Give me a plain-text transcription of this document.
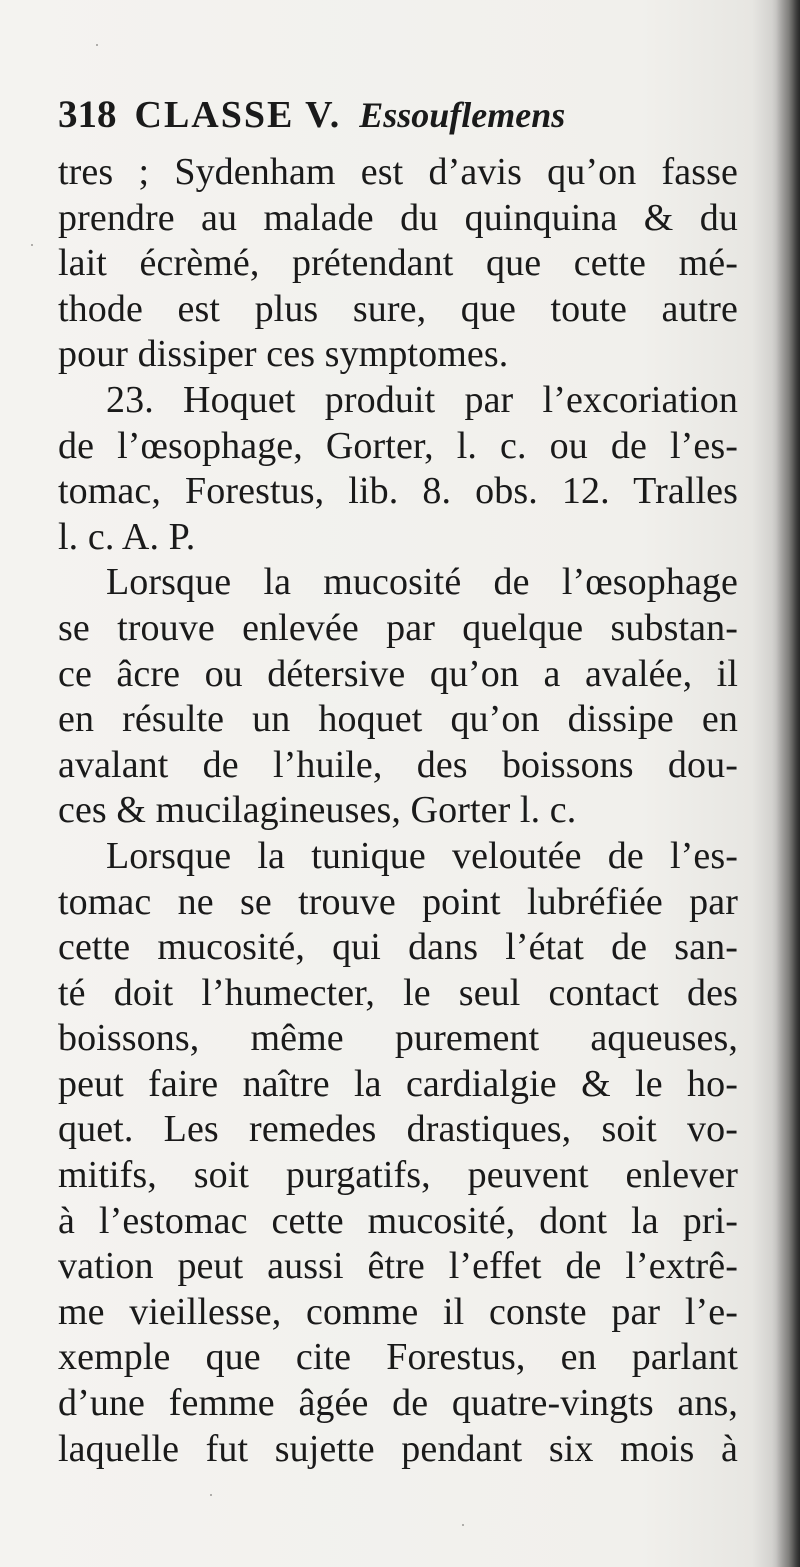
318 CLASSE V. Essouflemens
tres ; Sydenham est d’avis qu’on fasse
prendre au malade du quinquina & du
lait écrèmé, prétendant que cette mé-
thode est plus sure, que toute autre
pour dissiper ces symptomes.
23. Hoquet produit par l’excoriation
de l’œsophage, Gorter, l. c. ou de l’es-
tomac, Forestus, lib. 8. obs. 12. Tralles
l. c. A. P.
Lorsque la mucosité de l’œsophage
se trouve enlevée par quelque substan-
ce âcre ou détersive qu’on a avalée, il
en résulte un hoquet qu’on dissipe en
avalant de l’huile, des boissons dou-
ces & mucilagineuses, Gorter l. c.
Lorsque la tunique veloutée de l’es-
tomac ne se trouve point lubréfiée par
cette mucosité, qui dans l’état de san-
té doit l’humecter, le seul contact des
boissons, même purement aqueuses,
peut faire naître la cardialgie & le ho-
quet. Les remedes drastiques, soit vo-
mitifs, soit purgatifs, peuvent enlever
à l’estomac cette mucosité, dont la pri-
vation peut aussi être l’effet de l’extrê-
me vieillesse, comme il conste par l’e-
xemple que cite Forestus, en parlant
d’une femme âgée de quatre-vingts ans,
laquelle fut sujette pendant six mois à
